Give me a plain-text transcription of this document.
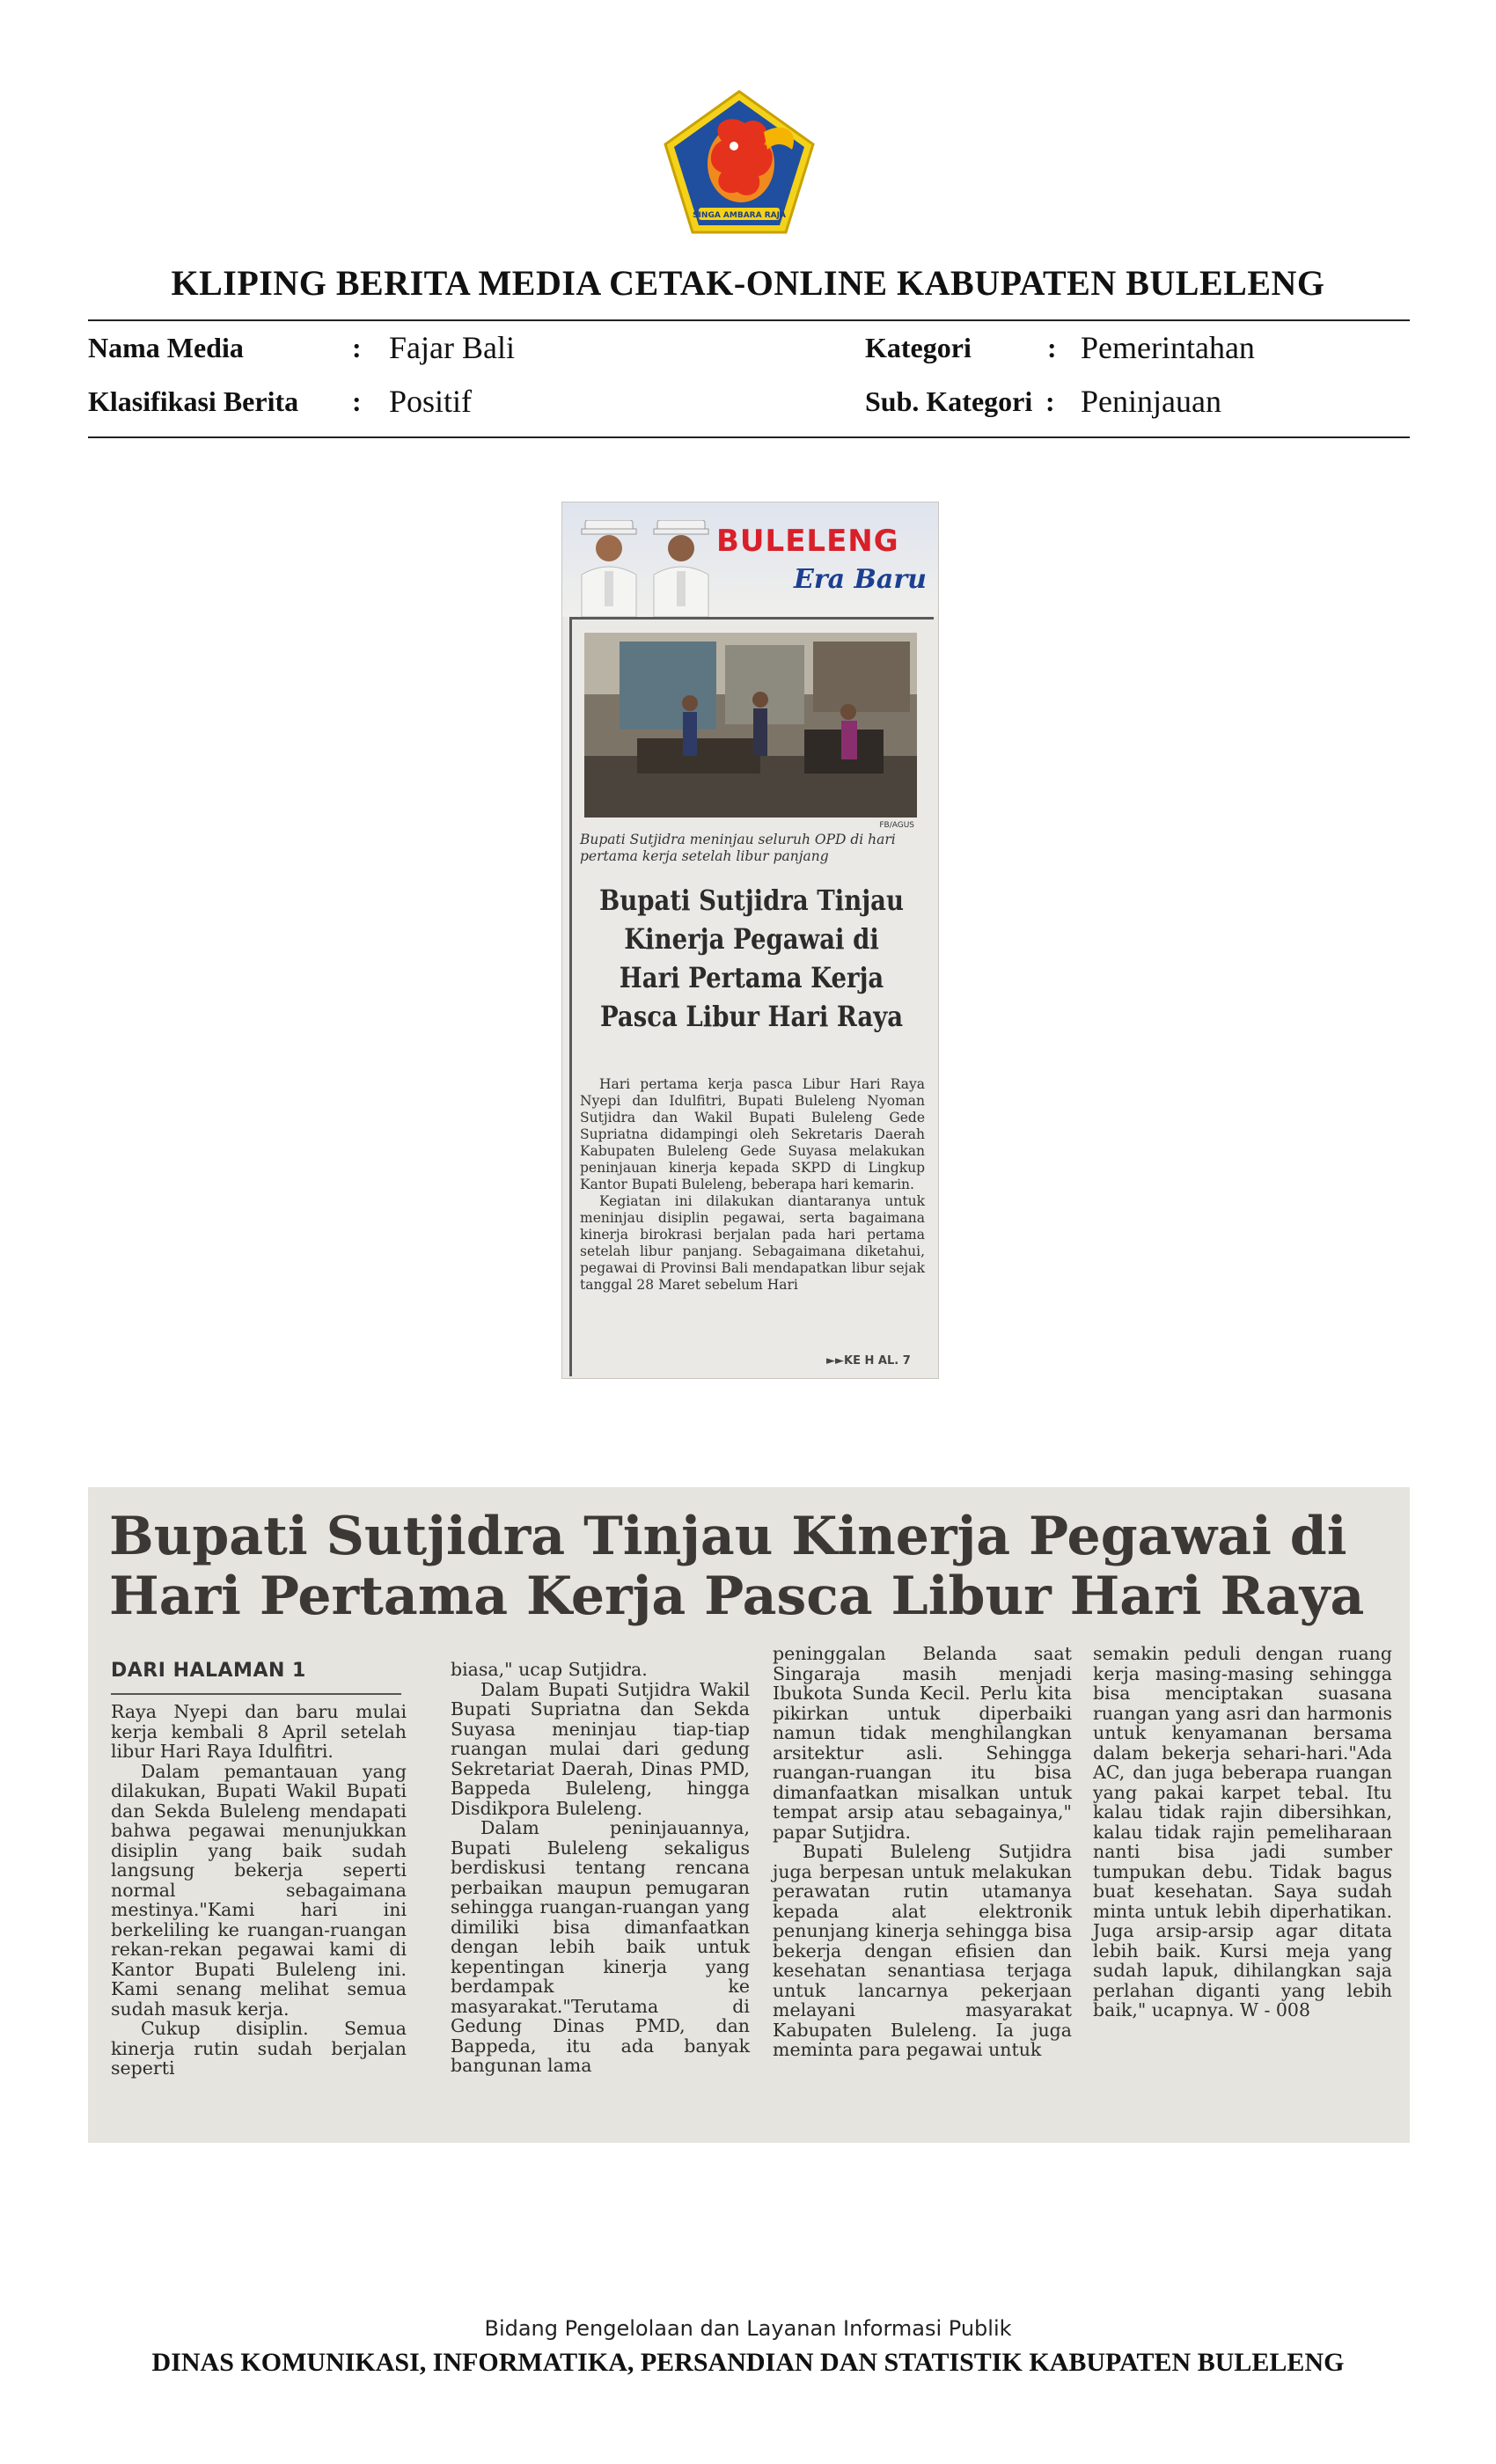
SINGA AMBARA RAJA
KLIPING BERITA MEDIA CETAK-ONLINE KABUPATEN BULELENG
Nama Media	: Fajar Bali	Kategori	: Pemerintahan
Klasifikasi Berita : Positif	Sub. Kategori : Peninjauan
BULELENG
Era Baru
FB/AGUS
Bupati Sutjidra meninjau seluruh OPD di hari pertama kerja setelah libur panjang
Bupati Sutjidra Tinjau Kinerja Pegawai di Hari Pertama Kerja Pasca Libur Hari Raya

Hari pertama kerja pasca Libur Hari Raya Nyepi dan Idulfitri, Bupati Buleleng Nyoman Sutjidra dan Wakil Bupati Buleleng Gede Supriatna didampingi oleh Sekretaris Daerah Kabupaten Buleleng Gede Suyasa melakukan peninjauan kinerja kepada SKPD di Lingkup Kantor Bupati Buleleng, beberapa hari kemarin.

Kegiatan ini dilakukan diantaranya untuk meninjau disiplin pegawai, serta bagaimana kinerja birokrasi berjalan pada hari pertama setelah libur panjang. Sebagaimana diketahui, pegawai di Provinsi Bali mendapatkan libur sejak tanggal 28 Maret sebelum Hari

►►KE H AL. 7
Bupati Sutjidra Tinjau Kinerja Pegawai di Hari Pertama Kerja Pasca Libur Hari Raya
DARI HALAMAN 1

Raya Nyepi dan baru mulai kerja kembali 8 April setelah libur Hari Raya Idulfitri.

Dalam pemantauan yang dilakukan, Bupati Wakil Bupati dan Sekda Buleleng mendapati bahwa pegawai menunjukkan disiplin yang baik sudah langsung bekerja seperti normal sebagaimana mestinya."Kami hari ini berkeliling ke ruangan-ruangan rekan-rekan pegawai kami di Kantor Bupati Buleleng ini. Kami senang melihat semua sudah masuk kerja.

Cukup disiplin. Semua kinerja rutin sudah berjalan seperti

biasa," ucap Sutjidra.

Dalam Bupati Sutjidra Wakil Bupati Supriatna dan Sekda Suyasa meninjau tiap-tiap ruangan mulai dari gedung Sekretariat Daerah, Dinas PMD, Bappeda Buleleng, hingga Disdikpora Buleleng.

Dalam peninjauannya, Bupati Buleleng sekaligus berdiskusi tentang rencana perbaikan maupun pemugaran sehingga ruangan-ruangan yang dimiliki bisa dimanfaatkan dengan lebih baik untuk kepentingan kinerja yang berdampak ke masyarakat."Terutama di Gedung Dinas PMD, dan Bappeda, itu ada banyak bangunan lama

peninggalan Belanda saat Singaraja masih menjadi Ibukota Sunda Kecil. Perlu kita pikirkan untuk diperbaiki namun tidak menghilangkan arsitektur asli. Sehingga ruangan-ruangan itu bisa dimanfaatkan misalkan untuk tempat arsip atau sebagainya," papar Sutjidra.

Bupati Buleleng Sutjidra juga berpesan untuk melakukan perawatan rutin utamanya kepada alat elektronik penunjang kinerja sehingga bisa bekerja dengan efisien dan kesehatan senantiasa terjaga untuk lancarnya pekerjaan melayani masyarakat Kabupaten Buleleng. Ia juga meminta para pegawai untuk

semakin peduli dengan ruang kerja masing-masing sehingga bisa menciptakan suasana ruangan yang asri dan harmonis untuk kenyamanan bersama dalam bekerja sehari-hari."Ada AC, dan juga beberapa ruangan yang pakai karpet tebal. Itu kalau tidak rajin dibersihkan, kalau tidak rajin pemeliharaan nanti bisa jadi sumber tumpukan debu. Tidak bagus buat kesehatan. Saya sudah minta untuk lebih diperhatikan. Juga arsip-arsip agar ditata lebih baik. Kursi meja yang sudah lapuk, dihilangkan saja perlahan diganti yang lebih baik," ucapnya. W - 008

Bidang Pengelolaan dan Layanan Informasi Publik
DINAS KOMUNIKASI, INFORMATIKA, PERSANDIAN DAN STATISTIK KABUPATEN BULELENG
